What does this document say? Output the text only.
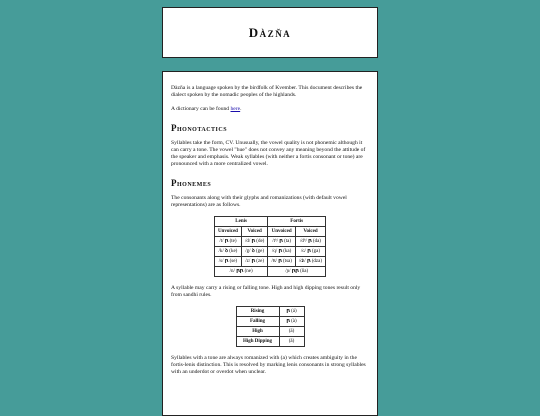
Dàzňa

Dàzňa is a language spoken by the birdfolk of Kvember. This document describes the dialect spoken by the nomadic peoples of the highlands.

A dictionary can be found here.

Phonotactics

Syllables take the form, CV. Unusually, the vowel quality is not phonemic although it can carry a tone. The vowel "hue" does not convey any meaning beyond the attitude of the speaker and emphasis. Weak syllables (with neither a fortis consonant or tone) are pronounced with a more centralized vowel.

Phonemes

The consonants along with their glyphs and romanizations (with default vowel representations) are as follows.

Lenis		Fortis	
Unvoiced	Voiced	Unvoiced	Voiced
/t/ ꞃ (te)	/d/ ꞃ (de)	/tʰ/ ꞃ (ta)	/dʰ/ ꞃ (da)
/k/ ꝺ (ke)	/g/ ꝺ (ge)	/q/ ꞃ (ka)	/ɢ/ ꞃ (ga)
/s/ ꞃ (se)	/z/ ꞃ (ze)	/ʦ/ ꞃ (tsa)	/ʣ/ ꞃ (dza)
/n/ ꞃꞃ (ne)		/ɲ/ ꞃꞃ (ňa)	

A syllable may carry a rising or falling tone. High and high dipping tones result only from sandhi rules.

Rising	ꞃ (á)
Falling	ꞃ (à)
High	(ā)
High Dipping	(ǎ)

Syllables with a tone are always romanized with (a) which creates ambiguity in the fortis-lenis distinction. This is resolved by marking lenis consonants in strong syllables with an underdot or overdot when unclear.
